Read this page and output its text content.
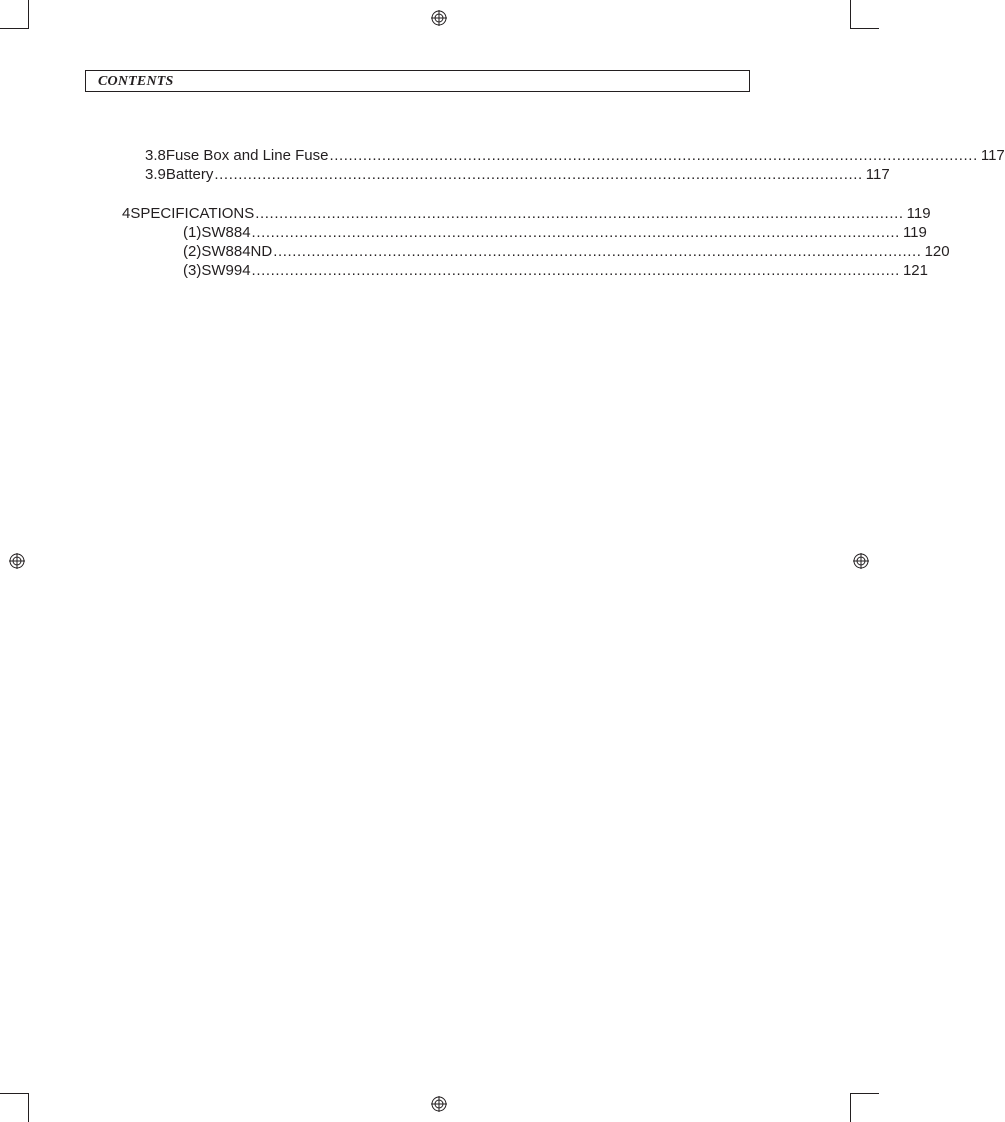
CONTENTS
3.8 Fuse Box and Line Fuse ........................................................................................................................................ 117
3.9 Battery ........................................................................................................................................ 117
4 SPECIFICATIONS ........................................................................................................................................ 119
(1) SW884 ........................................................................................................................................ 119
(2) SW884ND ........................................................................................................................................ 120
(3) SW994 ........................................................................................................................................ 121
